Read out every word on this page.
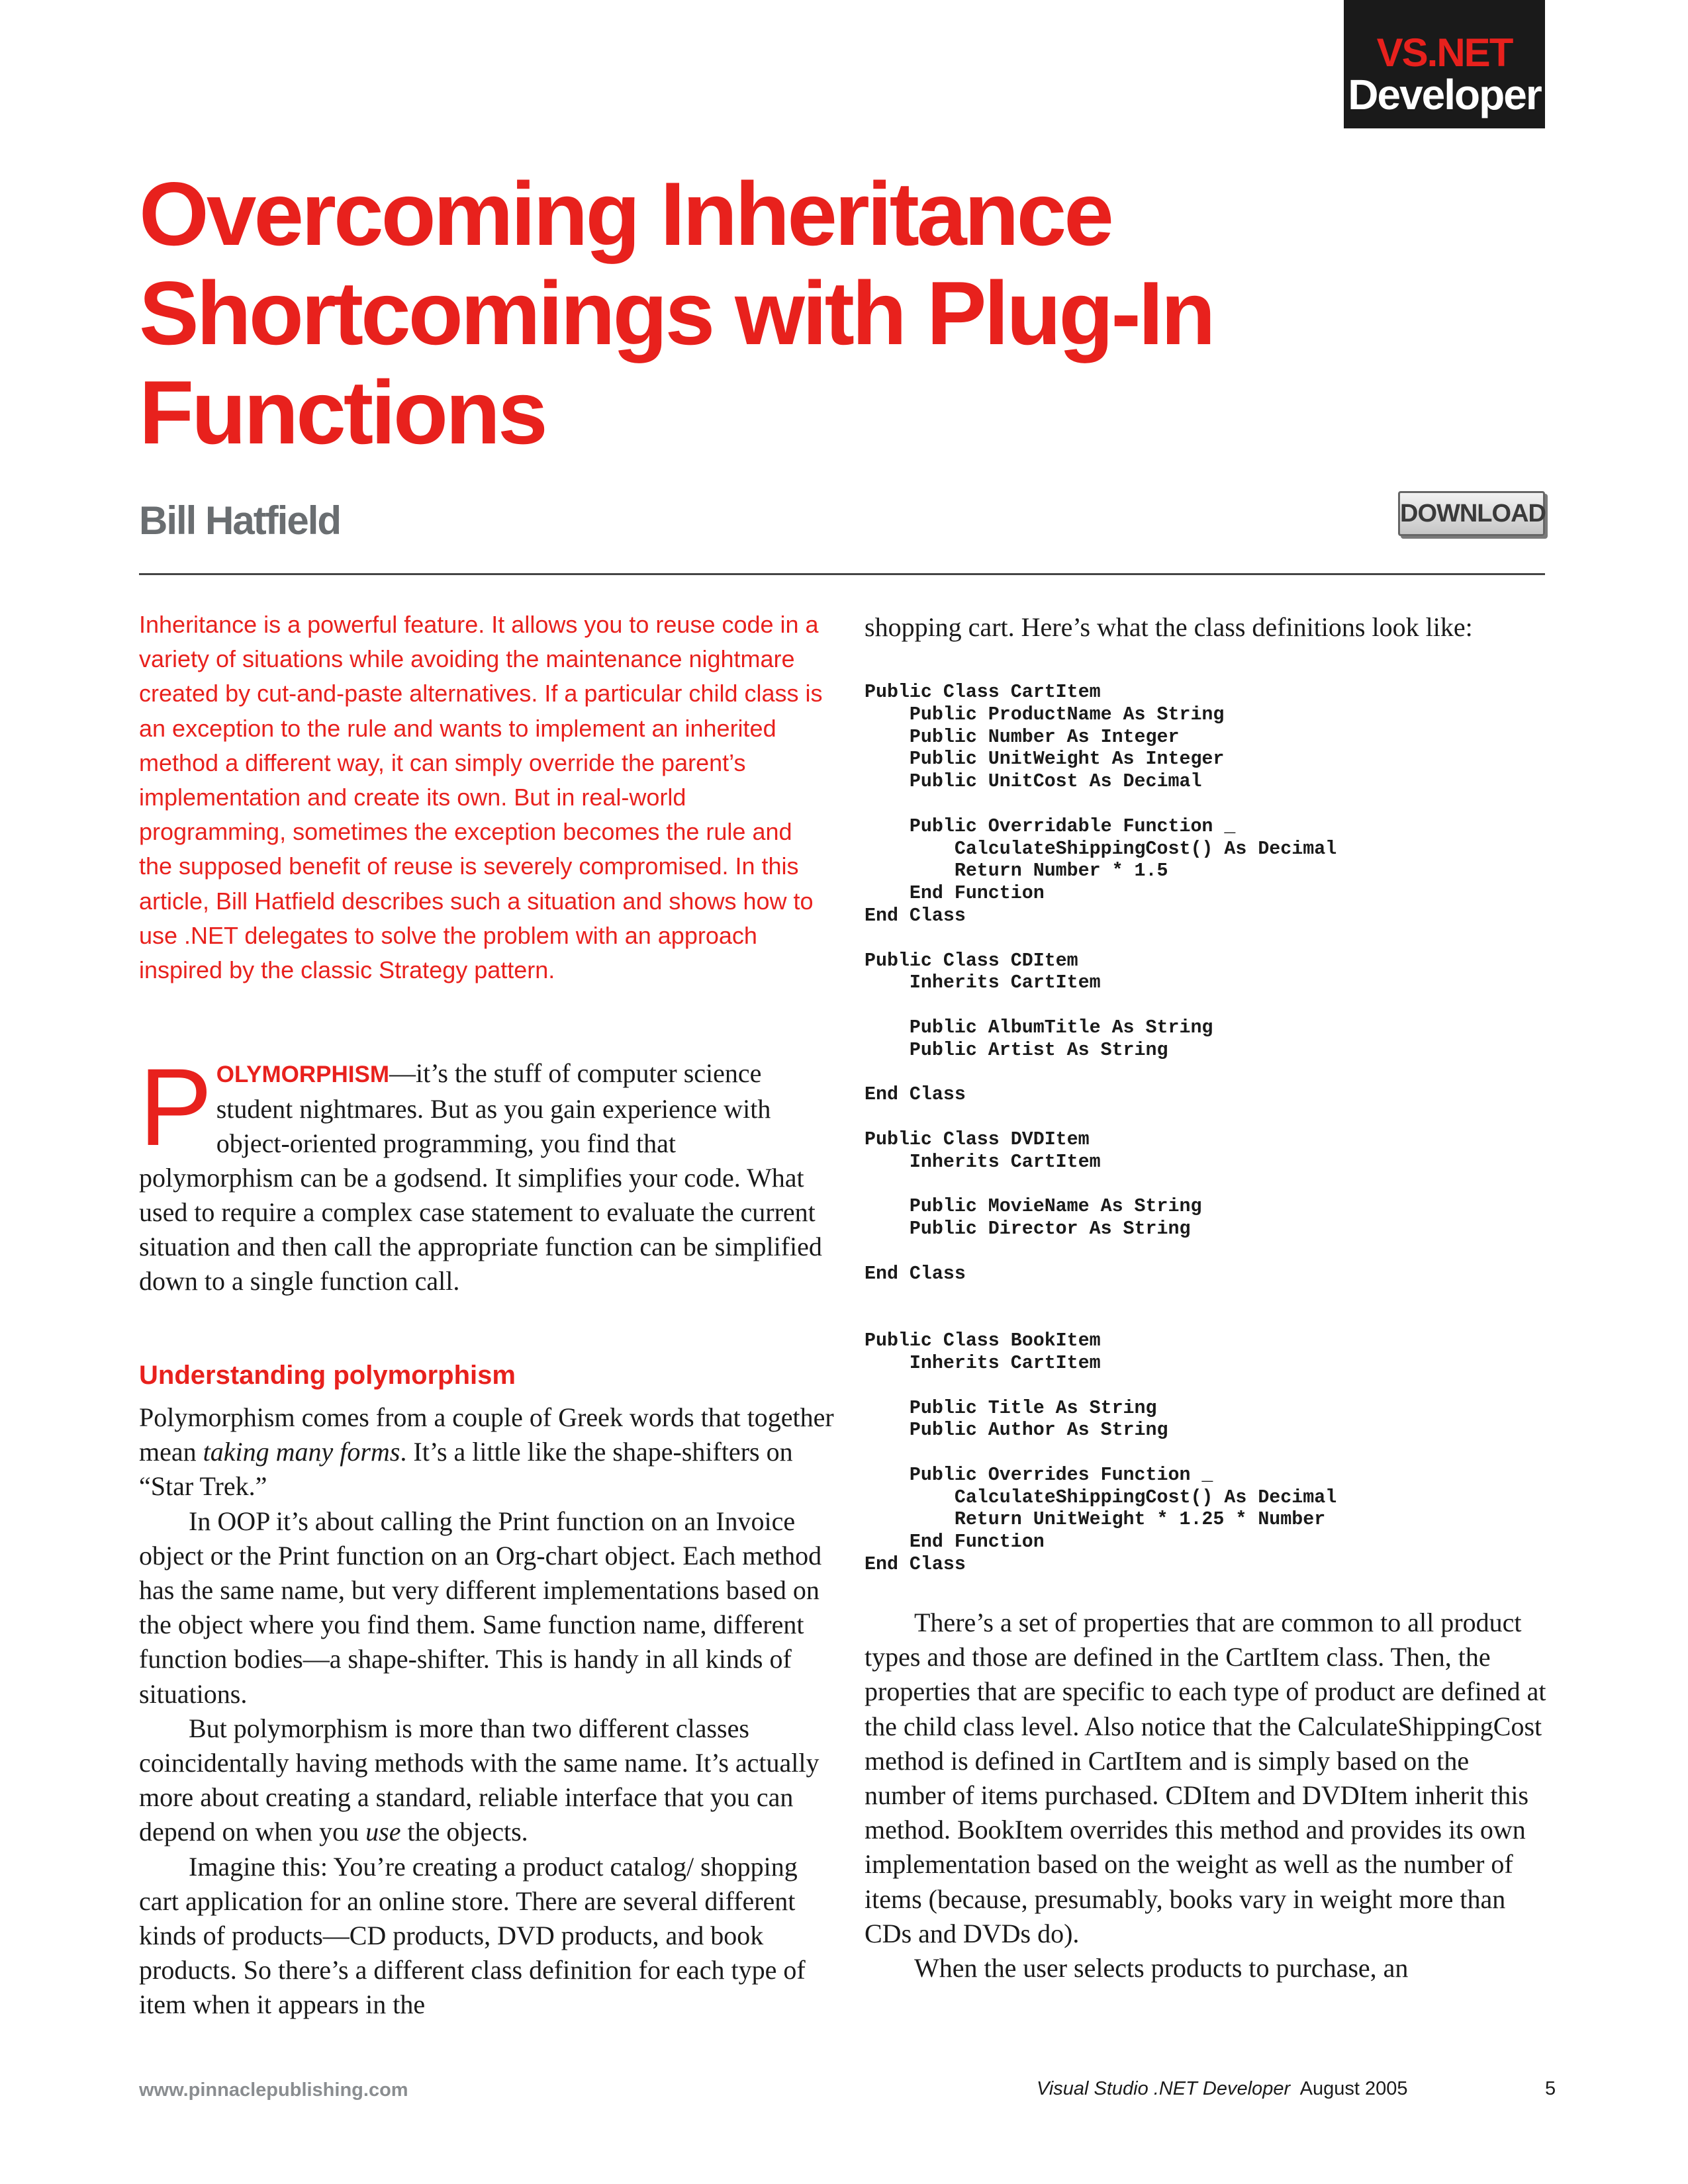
VS.NET
Developer
Overcoming Inheritance Shortcomings with Plug-In Functions
Bill Hatfield	DOWNLOAD

Inheritance is a powerful feature. It allows you to reuse code in a variety of situations while avoiding the maintenance nightmare created by cut-and-paste alternatives. If a particular child class is an exception to the rule and wants to implement an inherited method a different way, it can simply override the parent’s implementation and create its own. But in real-world programming, sometimes the exception becomes the rule and the supposed benefit of reuse is severely compromised. In this article, Bill Hatfield describes such a situation and shows how to use .NET delegates to solve the problem with an approach inspired by the classic Strategy pattern.

POLYMORPHISM—it’s the stuff of computer science student nightmares. But as you gain experience with object-oriented programming, you find that polymorphism can be a godsend. It simplifies your code. What used to require a complex case statement to evaluate the current situation and then call the appropriate function can be simplified down to a single function call.

Understanding polymorphism

Polymorphism comes from a couple of Greek words that together mean taking many forms. It’s a little like the shape-shifters on “Star Trek.”

In OOP it’s about calling the Print function on an Invoice object or the Print function on an Org-chart object. Each method has the same name, but very different implementations based on the object where you find them. Same function name, different function bodies—a shape-shifter. This is handy in all kinds of situations.

But polymorphism is more than two different classes coincidentally having methods with the same name. It’s actually more about creating a standard, reliable interface that you can depend on when you use the objects.

Imagine this: You’re creating a product catalog/ shopping cart application for an online store. There are several different kinds of products—CD products, DVD products, and book products. So there’s a different class definition for each type of item when it appears in the

shopping cart. Here’s what the class definitions look like:

Public Class CartItem
Public ProductName As String
Public Number As Integer
Public UnitWeight As Integer
Public UnitCost As Decimal

Public Overridable Function _
CalculateShippingCost() As Decimal
Return Number * 1.5
End Function
End Class

Public Class CDItem
Inherits CartItem

Public AlbumTitle As String
Public Artist As String

End Class

Public Class DVDItem
Inherits CartItem

Public MovieName As String
Public Director As String

End Class

Public Class BookItem
Inherits CartItem

Public Title As String
Public Author As String

Public Overrides Function _
CalculateShippingCost() As Decimal
Return UnitWeight * 1.25 * Number
End Function
End Class

There’s a set of properties that are common to all product types and those are defined in the CartItem class. Then, the properties that are specific to each type of product are defined at the child class level. Also notice that the CalculateShippingCost method is defined in CartItem and is simply based on the number of items purchased. CDItem and DVDItem inherit this method. BookItem overrides this method and provides its own implementation based on the weight as well as the number of items (because, presumably, books vary in weight more than CDs and DVDs do).

When the user selects products to purchase, an

www.pinnaclepublishing.com	Visual Studio .NET Developer August 2005	5
